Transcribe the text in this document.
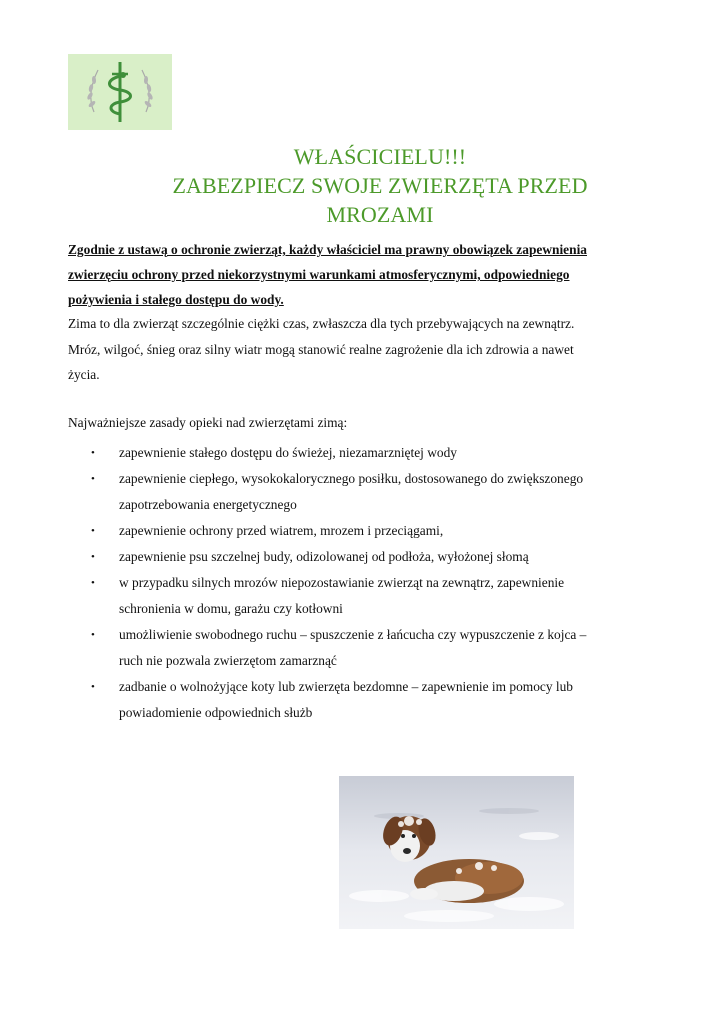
WŁAŚCICIELU!!!
ZABEZPIECZ SWOJE ZWIERZĘTA PRZED
MROZAMI
Zgodnie z ustawą o ochronie zwierząt, każdy właściciel ma prawny obowiązek zapewnienia
zwierzęciu ochrony przed niekorzystnymi warunkami atmosferycznymi, odpowiedniego
pożywienia i stałego dostępu do wody.
Zima to dla zwierząt szczególnie ciężki czas, zwłaszcza dla tych przebywających na zewnątrz.
Mróz, wilgoć, śnieg oraz silny wiatr mogą stanowić realne zagrożenie dla ich zdrowia a nawet
życia.
Najważniejsze zasady opieki nad zwierzętami zimą:
• zapewnienie stałego dostępu do świeżej, niezamarzniętej wody
• zapewnienie ciepłego, wysokokalorycznego posiłku, dostosowanego do zwiększonego
zapotrzebowania energetycznego
• zapewnienie ochrony przed wiatrem, mrozem i przeciągami,
• zapewnienie psu szczelnej budy, odizolowanej od podłoża, wyłożonej słomą
• w przypadku silnych mrozów niepozostawianie zwierząt na zewnątrz, zapewnienie
schronienia w domu, garażu czy kotłowni
• umożliwienie swobodnego ruchu – spuszczenie z łańcucha czy wypuszczenie z kojca –
ruch nie pozwala zwierzętom zamarznąć
• zadbanie o wolnożyjące koty lub zwierzęta bezdomne – zapewnienie im pomocy lub
powiadomienie odpowiednich służb
